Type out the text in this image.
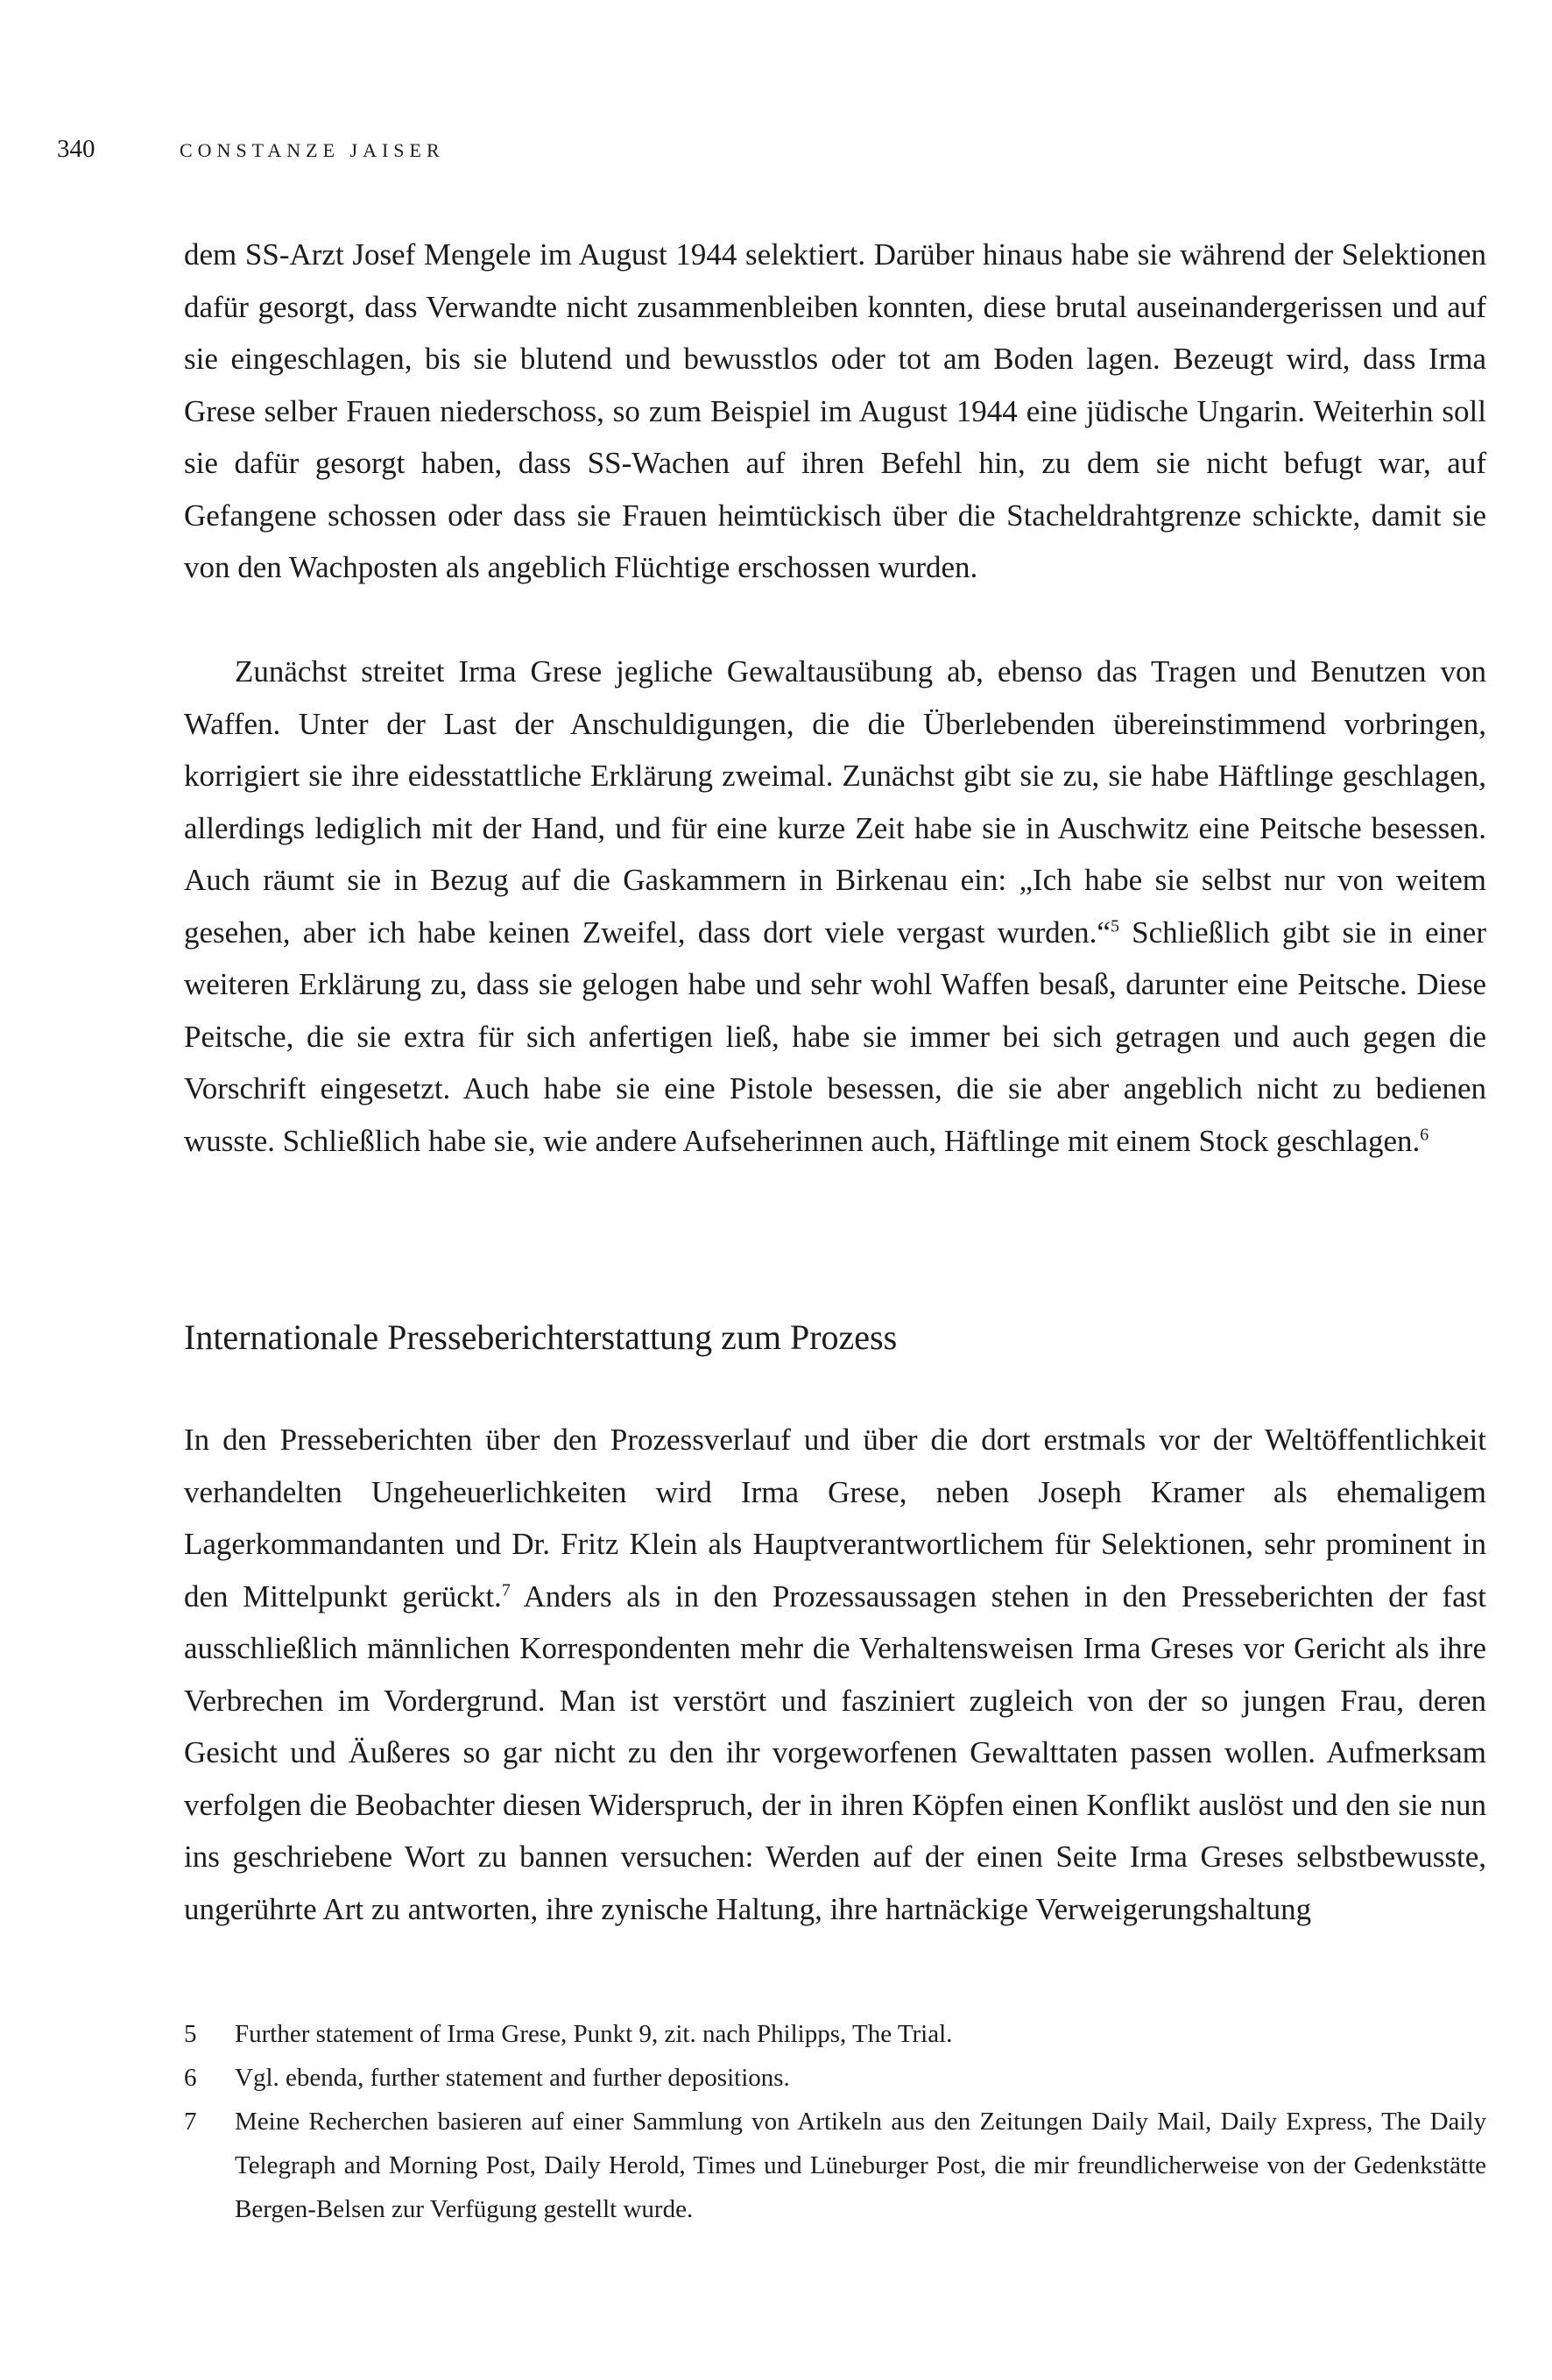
340	CONSTANZE JAISER

dem SS-Arzt Josef Mengele im August 1944 selektiert. Darüber hinaus habe sie während der Selektionen dafür gesorgt, dass Verwandte nicht zusammenbleiben konnten, diese brutal auseinandergerissen und auf sie eingeschlagen, bis sie blutend und bewusstlos oder tot am Boden lagen. Bezeugt wird, dass Irma Grese selber Frauen niederschoss, so zum Beispiel im August 1944 eine jüdische Ungarin. Weiterhin soll sie dafür gesorgt haben, dass SS-Wachen auf ihren Befehl hin, zu dem sie nicht befugt war, auf Gefangene schossen oder dass sie Frauen heimtückisch über die Stacheldrahtgrenze schickte, damit sie von den Wachposten als angeblich Flüchtige erschossen wurden.

Zunächst streitet Irma Grese jegliche Gewaltausübung ab, ebenso das Tragen und Benutzen von Waffen. Unter der Last der Anschuldigungen, die die Überlebenden übereinstimmend vorbringen, korrigiert sie ihre eidesstattliche Erklärung zweimal. Zunächst gibt sie zu, sie habe Häftlinge geschlagen, allerdings lediglich mit der Hand, und für eine kurze Zeit habe sie in Auschwitz eine Peitsche besessen. Auch räumt sie in Bezug auf die Gaskammern in Birkenau ein: „Ich habe sie selbst nur von weitem gesehen, aber ich habe keinen Zweifel, dass dort viele vergast wurden.“$^5$ Schließlich gibt sie in einer weiteren Erklärung zu, dass sie gelogen habe und sehr wohl Waffen besaß, darunter eine Peitsche. Diese Peitsche, die sie extra für sich anfertigen ließ, habe sie immer bei sich getragen und auch gegen die Vorschrift eingesetzt. Auch habe sie eine Pistole besessen, die sie aber angeblich nicht zu bedienen wusste. Schließlich habe sie, wie andere Aufseherinnen auch, Häftlinge mit einem Stock geschlagen.$^6$

Internationale Presseberichterstattung zum Prozess

In den Presseberichten über den Prozessverlauf und über die dort erstmals vor der Weltöffentlichkeit verhandelten Ungeheuerlichkeiten wird Irma Grese, neben Joseph Kramer als ehemaligem Lagerkommandanten und Dr. Fritz Klein als Hauptverantwortlichem für Selektionen, sehr prominent in den Mittelpunkt gerückt.$^7$ Anders als in den Prozessaussagen stehen in den Presseberichten der fast ausschließlich männlichen Korrespondenten mehr die Verhaltensweisen Irma Greses vor Gericht als ihre Verbrechen im Vordergrund. Man ist verstört und fasziniert zugleich von der so jungen Frau, deren Gesicht und Äußeres so gar nicht zu den ihr vorgeworfenen Gewalttaten passen wollen. Aufmerksam verfolgen die Beobachter diesen Widerspruch, der in ihren Köpfen einen Konflikt auslöst und den sie nun ins geschriebene Wort zu bannen versuchen: Werden auf der einen Seite Irma Greses selbstbewusste, ungerührte Art zu antworten, ihre zynische Haltung, ihre hartnäckige Verweigerungshaltung

5 Further statement of Irma Grese, Punkt 9, zit. nach Philipps, The Trial.
6 Vgl. ebenda, further statement and further depositions.
7 Meine Recherchen basieren auf einer Sammlung von Artikeln aus den Zeitungen Daily Mail, Daily Express, The Daily Telegraph and Morning Post, Daily Herold, Times und Lüneburger Post, die mir freundlicherweise von der Gedenkstätte Bergen-Belsen zur Verfügung gestellt wurde.
